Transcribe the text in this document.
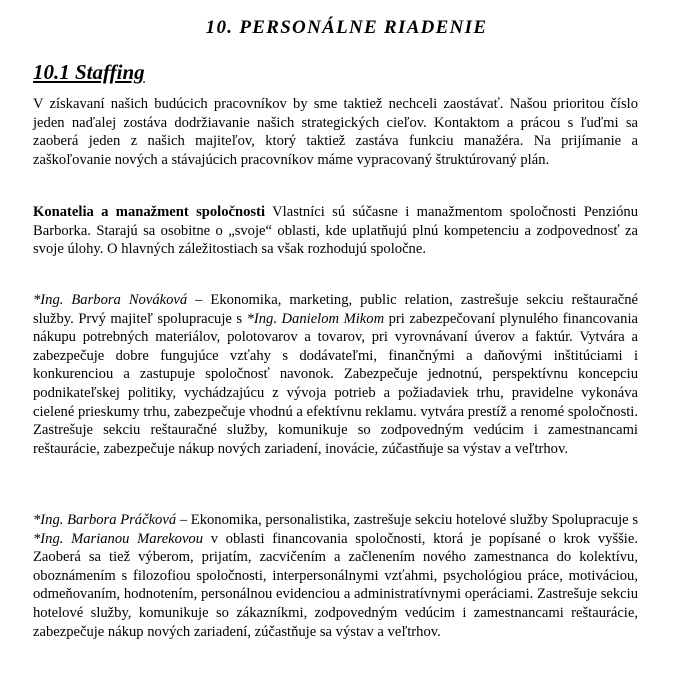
10. PERSONÁLNE RIADENIE
10.1 Staffing
V získavaní našich budúcich pracovníkov by sme taktiež nechceli zaostávať. Našou prioritou číslo jeden naďalej zostáva dodržiavanie našich strategických cieľov. Kontaktom a prácou s ľuďmi sa zaoberá jeden z našich majiteľov, ktorý taktiež zastáva funkciu manažéra. Na prijímanie a zaškoľovanie nových a stávajúcich pracovníkov máme vypracovaný štruktúrovaný plán.
Konatelia a manažment spoločnosti Vlastníci sú súčasne i manažmentom spoločnosti Penziónu Barborka. Starajú sa osobitne o „svoje“ oblasti, kde uplatňujú plnú kompetenciu a zodpovednosť za svoje úlohy. O hlavných záležitostiach sa však rozhodujú spoločne.
*Ing. Barbora Nováková – Ekonomika, marketing, public relation, zastrešuje sekciu reštauračné služby. Prvý majiteľ spolupracuje s *Ing. Danielom Mikom pri zabezpečovaní plynulého financovania nákupu potrebných materiálov, polotovarov a tovarov, pri vyrovnávaní úverov a faktúr. Vytvára a zabezpečuje dobre fungujúce vzťahy s dodávateľmi, finančnými a daňovými inštitúciami i konkurenciou a zastupuje spoločnosť navonok. Zabezpečuje jednotnú, perspektívnu koncepciu podnikateľskej politiky, vychádzajúcu z vývoja potrieb a požiadaviek trhu, pravidelne vykonáva cielené prieskumy trhu, zabezpečuje vhodnú a efektívnu reklamu. vytvára prestíž a renomé spoločnosti. Zastrešuje sekciu reštauračné služby, komunikuje so zodpovedným vedúcim i zamestnancami reštaurácie, zabezpečuje nákup nových zariadení, inovácie, zúčastňuje sa výstav a veľtrhov.
*Ing. Barbora Práčková – Ekonomika, personalistika, zastrešuje sekciu hotelové služby Spolupracuje s *Ing. Marianou Marekovou v oblasti financovania spoločnosti, ktorá je popísané o krok vyššie. Zaoberá sa tiež výberom, prijatím, zacvičením a začlenením nového zamestnanca do kolektívu, oboznámením s filozofiou spoločnosti, interpersonálnymi vzťahmi, psychológiou práce, motiváciou, odmeňovaním, hodnotením, personálnou evidenciou a administratívnymi operáciami. Zastrešuje sekciu hotelové služby, komunikuje so zákazníkmi, zodpovedným vedúcim i zamestnancami reštaurácie, zabezpečuje nákup nových zariadení, zúčastňuje sa výstav a veľtrhov.
